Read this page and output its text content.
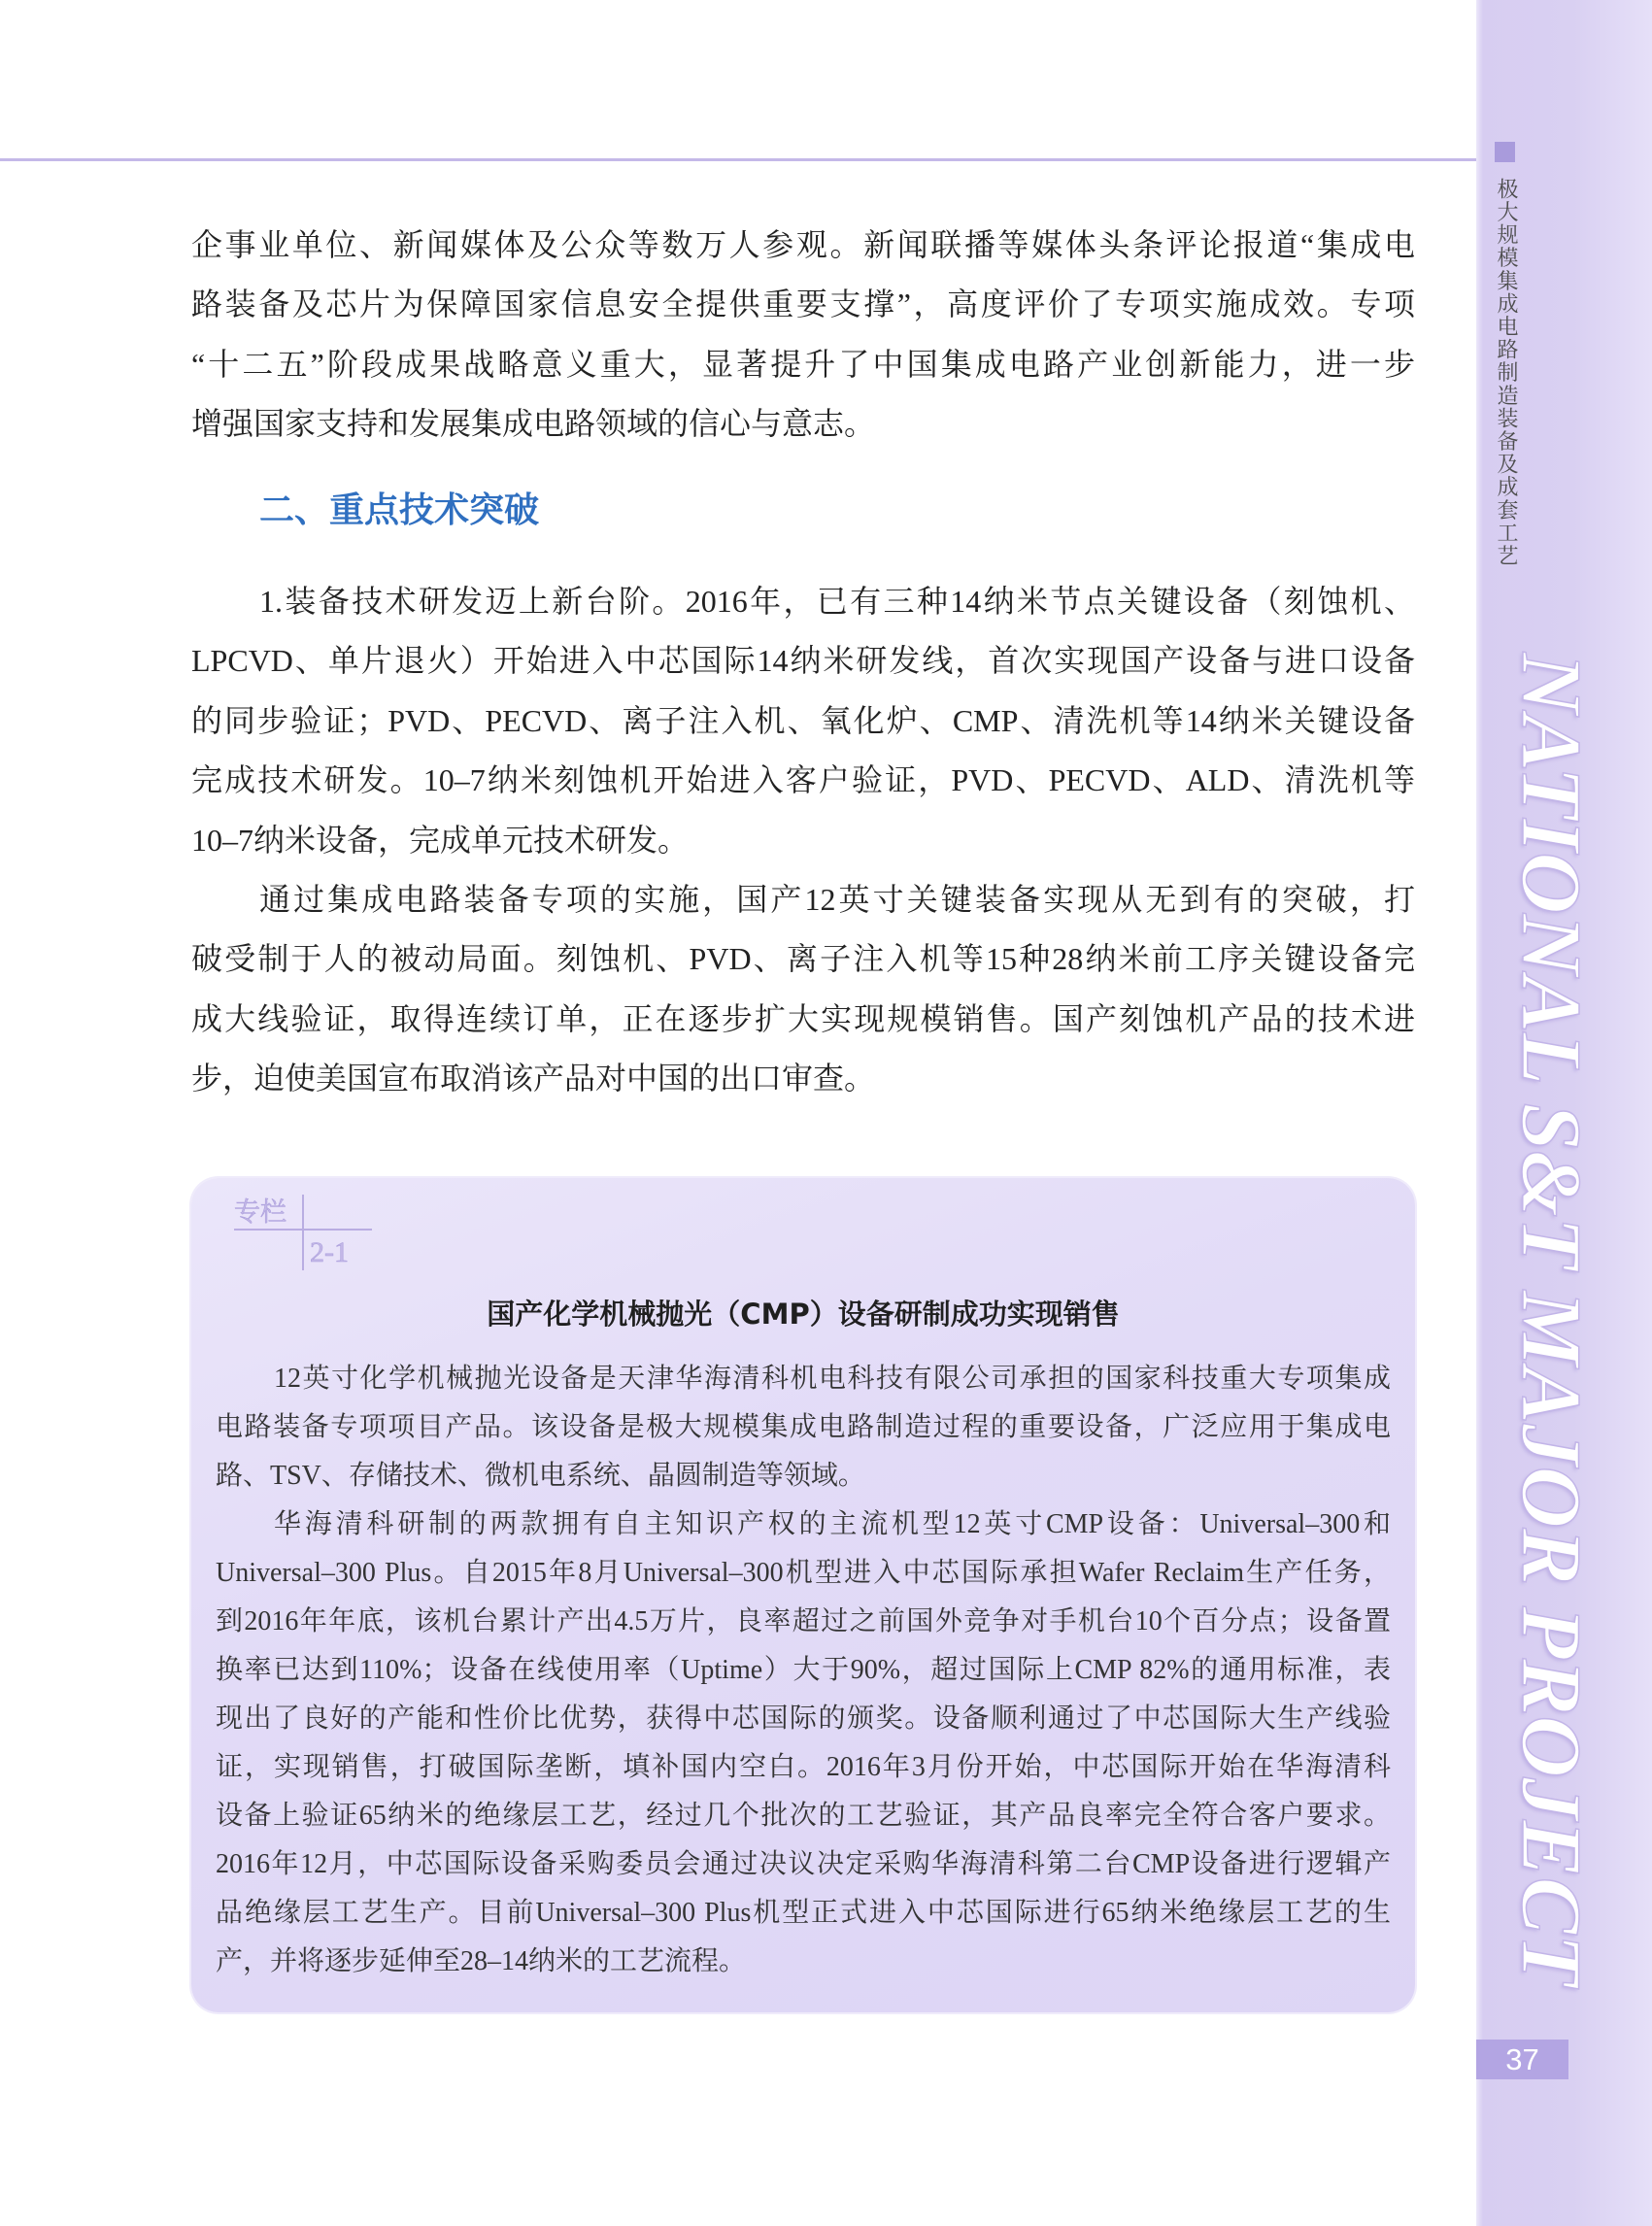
极大规模集成电路制造装备及成套工艺
NATIONAL S&T MAJOR PROJECT
37
企事业单位、新闻媒体及公众等数万人参观。新闻联播等媒体头条评论报道“集成电
路装备及芯片为保障国家信息安全提供重要支撑”，高度评价了专项实施成效。专项
“十二五”阶段成果战略意义重大，显著提升了中国集成电路产业创新能力，进一步
增强国家支持和发展集成电路领域的信心与意志。
二、重点技术突破
1.装备技术研发迈上新台阶。2016年，已有三种14纳米节点关键设备（刻蚀机、
LPCVD、单片退火）开始进入中芯国际14纳米研发线，首次实现国产设备与进口设备
的同步验证；PVD、PECVD、离子注入机、氧化炉、CMP、清洗机等14纳米关键设备
完成技术研发。10–7纳米刻蚀机开始进入客户验证，PVD、PECVD、ALD、清洗机等
10–7纳米设备，完成单元技术研发。
通过集成电路装备专项的实施，国产12英寸关键装备实现从无到有的突破，打
破受制于人的被动局面。刻蚀机、PVD、离子注入机等15种28纳米前工序关键设备完
成大线验证，取得连续订单，正在逐步扩大实现规模销售。国产刻蚀机产品的技术进
步，迫使美国宣布取消该产品对中国的出口审查。
专栏
2-1
国产化学机械抛光（CMP）设备研制成功实现销售
12英寸化学机械抛光设备是天津华海清科机电科技有限公司承担的国家科技重大专项集成
电路装备专项项目产品。该设备是极大规模集成电路制造过程的重要设备，广泛应用于集成电
路、TSV、存储技术、微机电系统、晶圆制造等领域。
华海清科研制的两款拥有自主知识产权的主流机型12英寸CMP设备：Universal–300和
Universal–300 Plus。自2015年8月Universal–300机型进入中芯国际承担Wafer Reclaim生产任务，
到2016年年底，该机台累计产出4.5万片，良率超过之前国外竞争对手机台10个百分点；设备置
换率已达到110%；设备在线使用率（Uptime）大于90%，超过国际上CMP 82%的通用标准，表
现出了良好的产能和性价比优势，获得中芯国际的颁奖。设备顺利通过了中芯国际大生产线验
证，实现销售，打破国际垄断，填补国内空白。2016年3月份开始，中芯国际开始在华海清科
设备上验证65纳米的绝缘层工艺，经过几个批次的工艺验证，其产品良率完全符合客户要求。
2016年12月，中芯国际设备采购委员会通过决议决定采购华海清科第二台CMP设备进行逻辑产
品绝缘层工艺生产。目前Universal–300 Plus机型正式进入中芯国际进行65纳米绝缘层工艺的生
产，并将逐步延伸至28–14纳米的工艺流程。
